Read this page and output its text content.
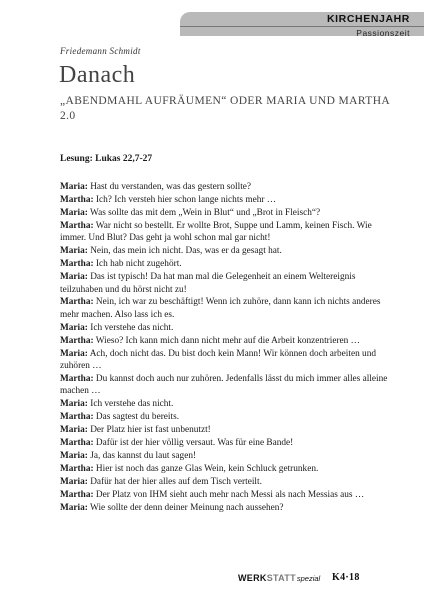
KIRCHENJAHR
Passionszeit
Friedemann Schmidt
Danach
„ABENDMAHL AUFRÄUMEN“ ODER MARIA UND MARTHA 2.0
Lesung: Lukas 22,7-27

Maria: Hast du verstanden, was das gestern sollte?

Martha: Ich? Ich versteh hier schon lange nichts mehr …

Maria: Was sollte das mit dem „Wein in Blut“ und „Brot in Fleisch“?

Martha: War nicht so bestellt. Er wollte Brot, Suppe und Lamm, keinen Fisch. Wie immer. Und Blut? Das geht ja wohl schon mal gar nicht!

Maria: Nein, das mein ich nicht. Das, was er da gesagt hat.

Martha: Ich hab nicht zugehört.

Maria: Das ist typisch! Da hat man mal die Gelegenheit an einem Weltereignis teilzuhaben und du hörst nicht zu!

Martha: Nein, ich war zu beschäftigt! Wenn ich zuhöre, dann kann ich nichts anderes mehr machen. Also lass ich es.

Maria: Ich verstehe das nicht.

Martha: Wieso? Ich kann mich dann nicht mehr auf die Arbeit konzentrieren …

Maria: Ach, doch nicht das. Du bist doch kein Mann! Wir können doch arbeiten und zuhören …

Martha: Du kannst doch auch nur zuhören. Jedenfalls lässt du mich immer alles alleine machen …

Maria: Ich verstehe das nicht.

Martha: Das sagtest du bereits.

Maria: Der Platz hier ist fast unbenutzt!

Martha: Dafür ist der hier völlig versaut. Was für eine Bande!

Maria: Ja, das kannst du laut sagen!

Martha: Hier ist noch das ganze Glas Wein, kein Schluck getrunken.

Maria: Dafür hat der hier alles auf dem Tisch verteilt.

Martha: Der Platz von IHM sieht auch mehr nach Messi als nach Messias aus …

Maria: Wie sollte der denn deiner Meinung nach aussehen?

WERKSTATTspezial K4·18
